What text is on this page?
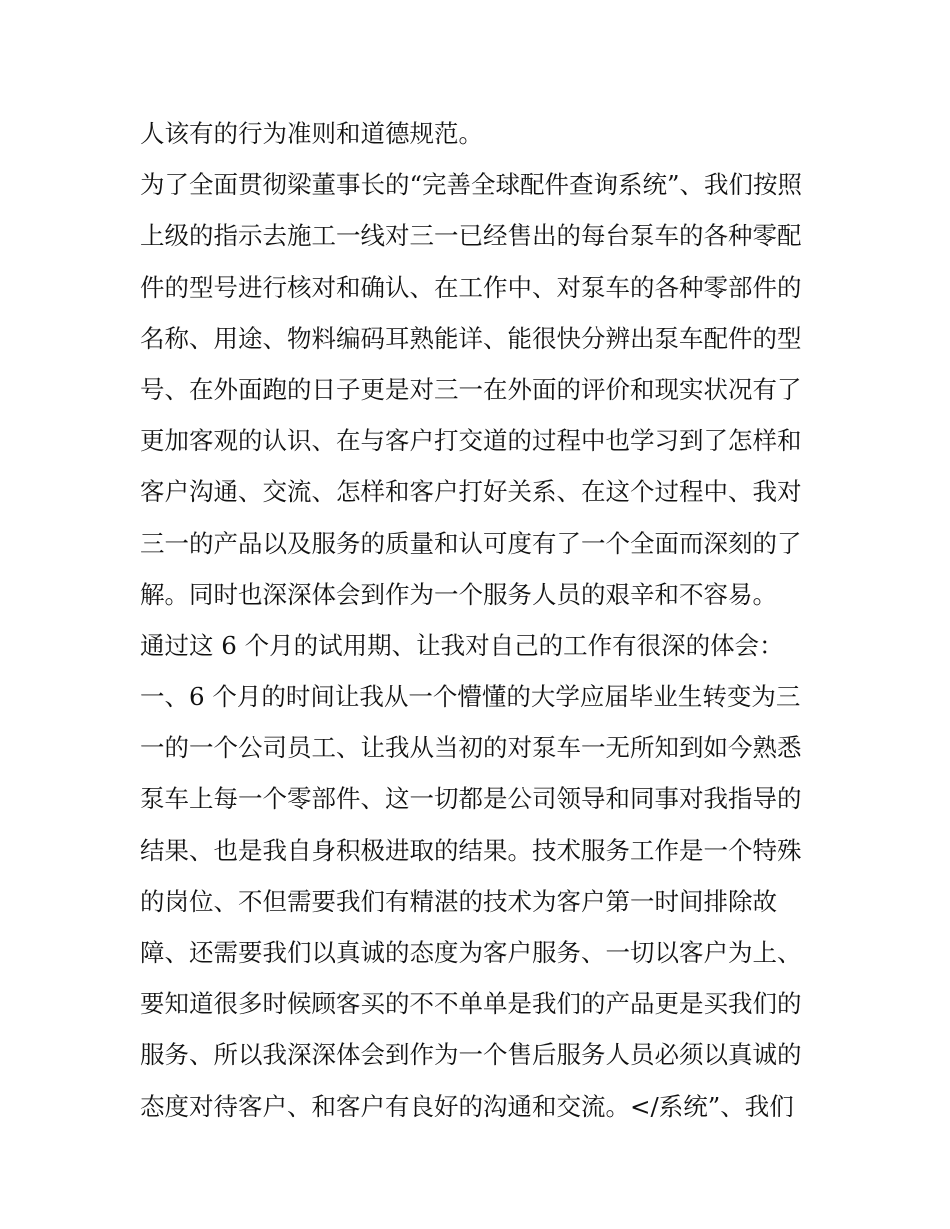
人该有的行为准则和道德规范。
为了全面贯彻梁董事长的“完善全球配件查询系统”、我们按照
上级的指示去施工一线对三一已经售出的每台泵车的各种零配
件的型号进行核对和确认、在工作中、对泵车的各种零部件的
名称、用途、物料编码耳熟能详、能很快分辨出泵车配件的型
号、在外面跑的日子更是对三一在外面的评价和现实状况有了
更加客观的认识、在与客户打交道的过程中也学习到了怎样和
客户沟通、交流、怎样和客户打好关系、在这个过程中、我对
三一的产品以及服务的质量和认可度有了一个全面而深刻的了
解。同时也深深体会到作为一个服务人员的艰辛和不容易。
通过这 6 个月的试用期、让我对自己的工作有很深的体会：
一、6 个月的时间让我从一个懵懂的大学应届毕业生转变为三
一的一个公司员工、让我从当初的对泵车一无所知到如今熟悉
泵车上每一个零部件、这一切都是公司领导和同事对我指导的
结果、也是我自身积极进取的结果。技术服务工作是一个特殊
的岗位、不但需要我们有精湛的技术为客户第一时间排除故
障、还需要我们以真诚的态度为客户服务、一切以客户为上、
要知道很多时候顾客买的不不单单是我们的产品更是买我们的
服务、所以我深深体会到作为一个售后服务人员必须以真诚的
态度对待客户、和客户有良好的沟通和交流。</系统”、我们
